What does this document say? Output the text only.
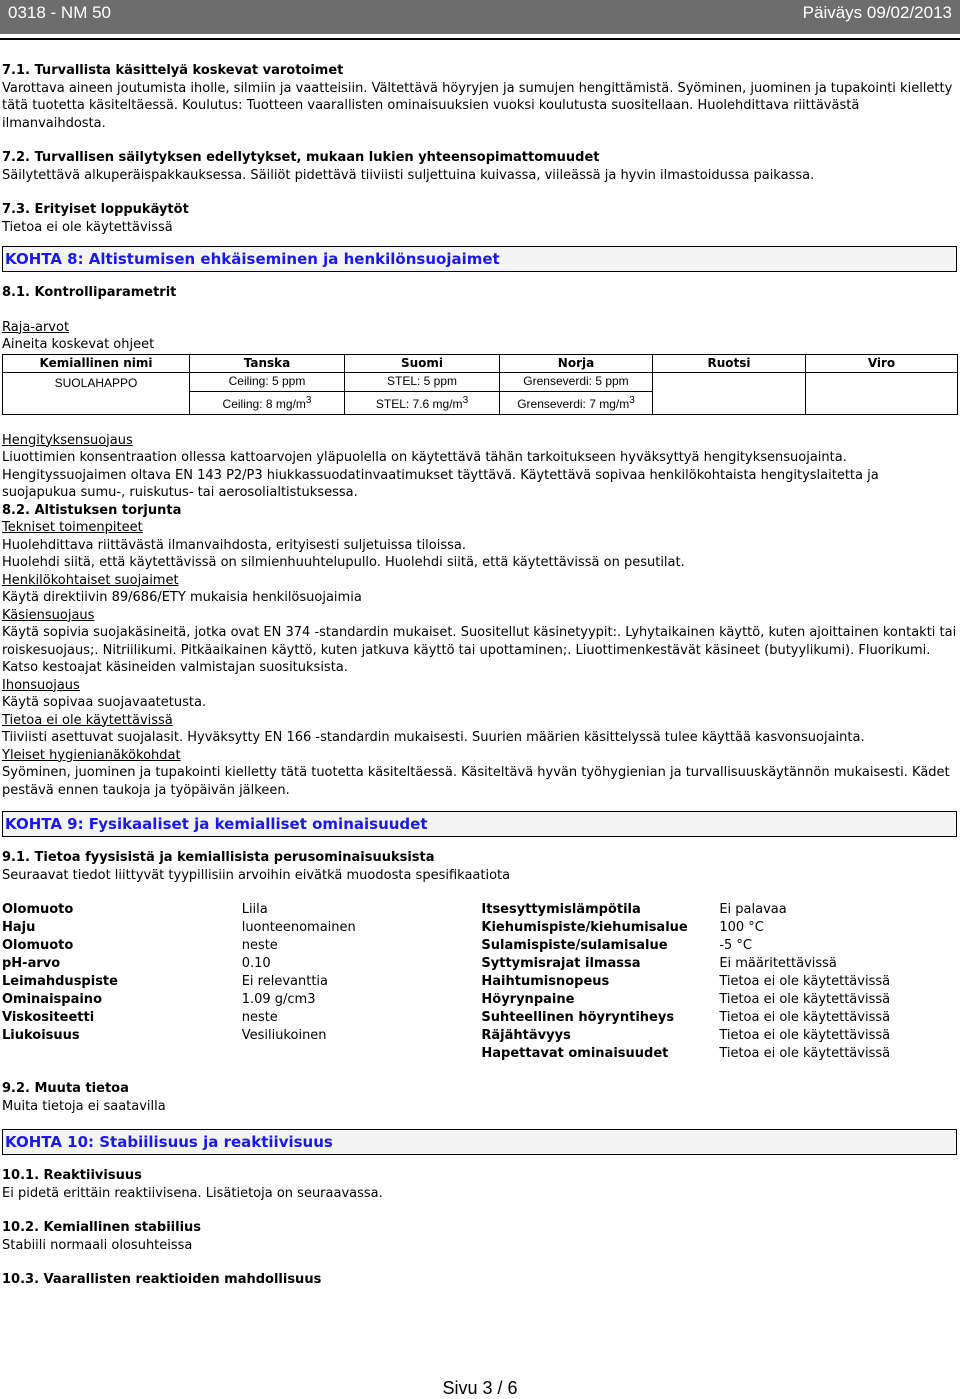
0318 - NM 50	Päiväys 09/02/2013

7.1. Turvallista käsittelyä koskevat varotoimet

Varottava aineen joutumista iholle, silmiin ja vaatteisiin. Vältettävä höyryjen ja sumujen hengittämistä. Syöminen, juominen ja tupakointi kielletty tätä tuotetta käsiteltäessä. Koulutus: Tuotteen vaarallisten ominaisuuksien vuoksi koulutusta suositellaan. Huolehdittava riittävästä ilmanvaihdosta.

7.2. Turvallisen säilytyksen edellytykset, mukaan lukien yhteensopimattomuudet

Säilytettävä alkuperäispakkauksessa. Säiliöt pidettävä tiiviisti suljettuina kuivassa, viileässä ja hyvin ilmastoidussa paikassa.

7.3. Erityiset loppukäytöt

Tietoa ei ole käytettävissä

KOHTA 8: Altistumisen ehkäiseminen ja henkilönsuojaimet

8.1. Kontrolliparametrit

Raja-arvot

Aineita koskevat ohjeet

Kemiallinen nimi	Tanska	Suomi	Norja	Ruotsi	Viro
SUOLAHAPPO	Ceiling: 5 ppm	STEL: 5 ppm	Grenseverdi: 5 ppm		
	Ceiling: 8 $mg/m^3$	STEL: 7.6 $mg/m^3$	Grenseverdi: 7 $mg/m^3$
Hengityksensuojaus

Liuottimien konsentraation ollessa kattoarvojen yläpuolella on käytettävä tähän tarkoitukseen hyväksyttyä hengityksensuojainta.

Hengityssuojaimen oltava EN 143 P2/P3 hiukkassuodatinvaatimukset täyttävä. Käytettävä sopivaa henkilökohtaista hengityslaitetta ja suojapukua sumu-, ruiskutus- tai aerosolialtistuksessa.

8.2. Altistuksen torjunta

Tekniset toimenpiteet

Huolehdittava riittävästä ilmanvaihdosta, erityisesti suljetuissa tiloissa.

Huolehdi siitä, että käytettävissä on silmienhuuhtelupullo. Huolehdi siitä, että käytettävissä on pesutilat.

Henkilökohtaiset suojaimet

Käytä direktiivin 89/686/ETY mukaisia henkilösuojaimia

Käsiensuojaus

Käytä sopivia suojakäsineitä, jotka ovat EN 374 -standardin mukaiset. Suositellut käsinetyypit:. Lyhytaikainen käyttö, kuten ajoittainen kontakti tai roiskesuojaus;. Nitriilikumi. Pitkäaikainen käyttö, kuten jatkuva käyttö tai upottaminen;. Liuottimenkestävät käsineet (butyylikumi). Fluorikumi. Katso kestoajat käsineiden valmistajan suosituksista.

Ihonsuojaus

Käytä sopivaa suojavaatetusta.

Tietoa ei ole käytettävissä

Tiiviisti asettuvat suojalasit. Hyväksytty EN 166 -standardin mukaisesti. Suurien määrien käsittelyssä tulee käyttää kasvonsuojainta.

Yleiset hygienianäkökohdat

Syöminen, juominen ja tupakointi kielletty tätä tuotetta käsiteltäessä. Käsiteltävä hyvän työhygienian ja turvallisuuskäytännön mukaisesti. Kädet pestävä ennen taukoja ja työpäivän jälkeen.

KOHTA 9: Fysikaaliset ja kemialliset ominaisuudet

9.1. Tietoa fyysisistä ja kemiallisista perusominaisuuksista

Seuraavat tiedot liittyvät tyypillisiin arvoihin eivätkä muodosta spesifikaatiota

Olomuoto	Liila	Itsesyttymislämpötila	Ei palavaa
Haju	luonteenomainen	Kiehumispiste/kiehumisalue	100 °C
Olomuoto	neste	Sulamispiste/sulamisalue	-5 °C
pH-arvo	0.10	Syttymisrajat ilmassa	Ei määritettävissä
Leimahduspiste	Ei relevanttia	Haihtumisnopeus	Tietoa ei ole käytettävissä
Ominaispaino	1.09 g/cm3	Höyrynpaine	Tietoa ei ole käytettävissä
Viskositeetti	neste	Suhteellinen höyryntiheys	Tietoa ei ole käytettävissä
Liukoisuus	Vesiliukoinen	Räjähtävyys	Tietoa ei ole käytettävissä
		Hapettavat ominaisuudet	Tietoa ei ole käytettävissä

9.2. Muuta tietoa

Muita tietoja ei saatavilla

KOHTA 10: Stabiilisuus ja reaktiivisuus

10.1. Reaktiivisuus

Ei pidetä erittäin reaktiivisena. Lisätietoja on seuraavassa.

10.2. Kemiallinen stabiilius

Stabiili normaali olosuhteissa

10.3. Vaarallisten reaktioiden mahdollisuus

Sivu 3 / 6
